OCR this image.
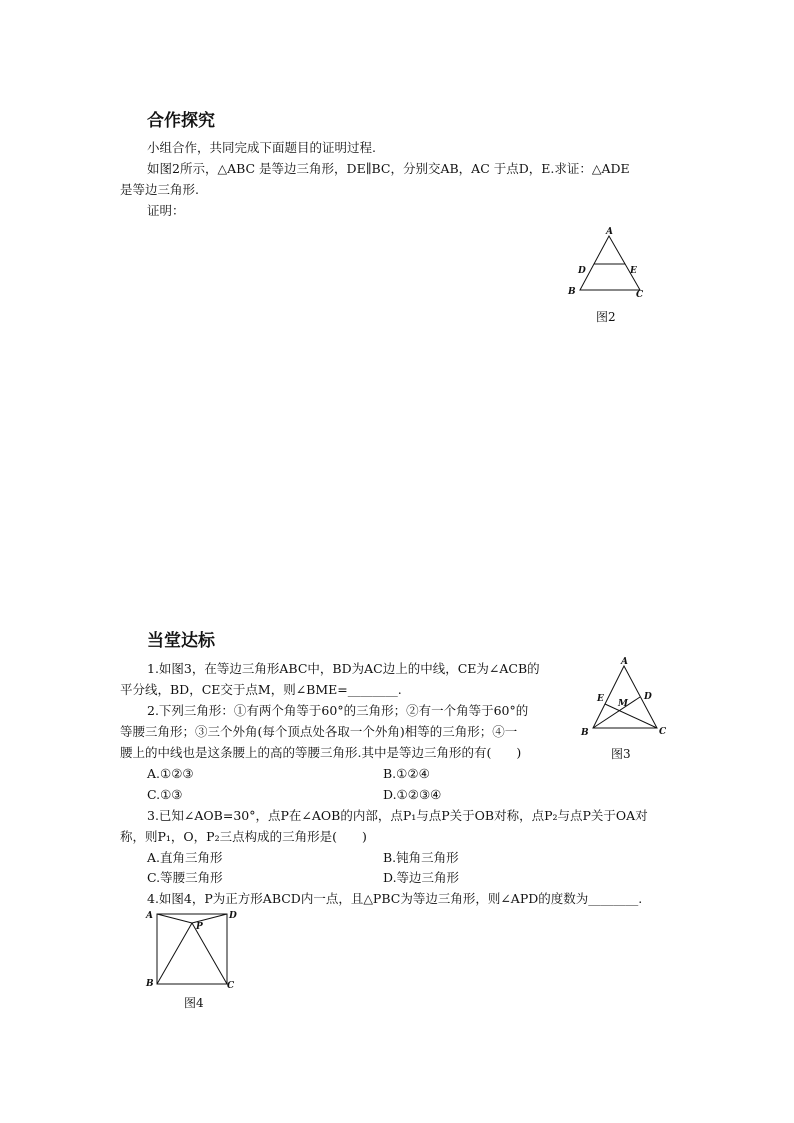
合作探究
小组合作，共同完成下面题目的证明过程.
如图2所示，△ABC 是等边三角形，DE∥BC，分别交AB，AC 于点D，E.求证：△ADE
是等边三角形.
证明：
A
D	E
B	C
图2
当堂达标
1.如图3，在等边三角形ABC中，BD为AC边上的中线，CE为∠ACB的
平分线，BD，CE交于点M，则∠BME=________.
2.下列三角形：①有两个角等于60°的三角形；②有一个角等于60°的
等腰三角形；③三个外角(每个顶点处各取一个外角)相等的三角形；④一
腰上的中线也是这条腰上的高的等腰三角形.其中是等边三角形的有(　　)
A.①②③	B.①②④
C.①③	D.①②③④
3.已知∠AOB=30°，点P在∠AOB的内部，点P₁与点P关于OB对称，点P₂与点P关于OA对
称，则P₁，O，P₂三点构成的三角形是(　　)
A.直角三角形	B.钝角三角形
C.等腰三角形	D.等边三角形
4.如图4，P为正方形ABCD内一点，且△PBC为等边三角形，则∠APD的度数为________.
A
E M
D
B	C
图3
A	D
P
B	C
图4
